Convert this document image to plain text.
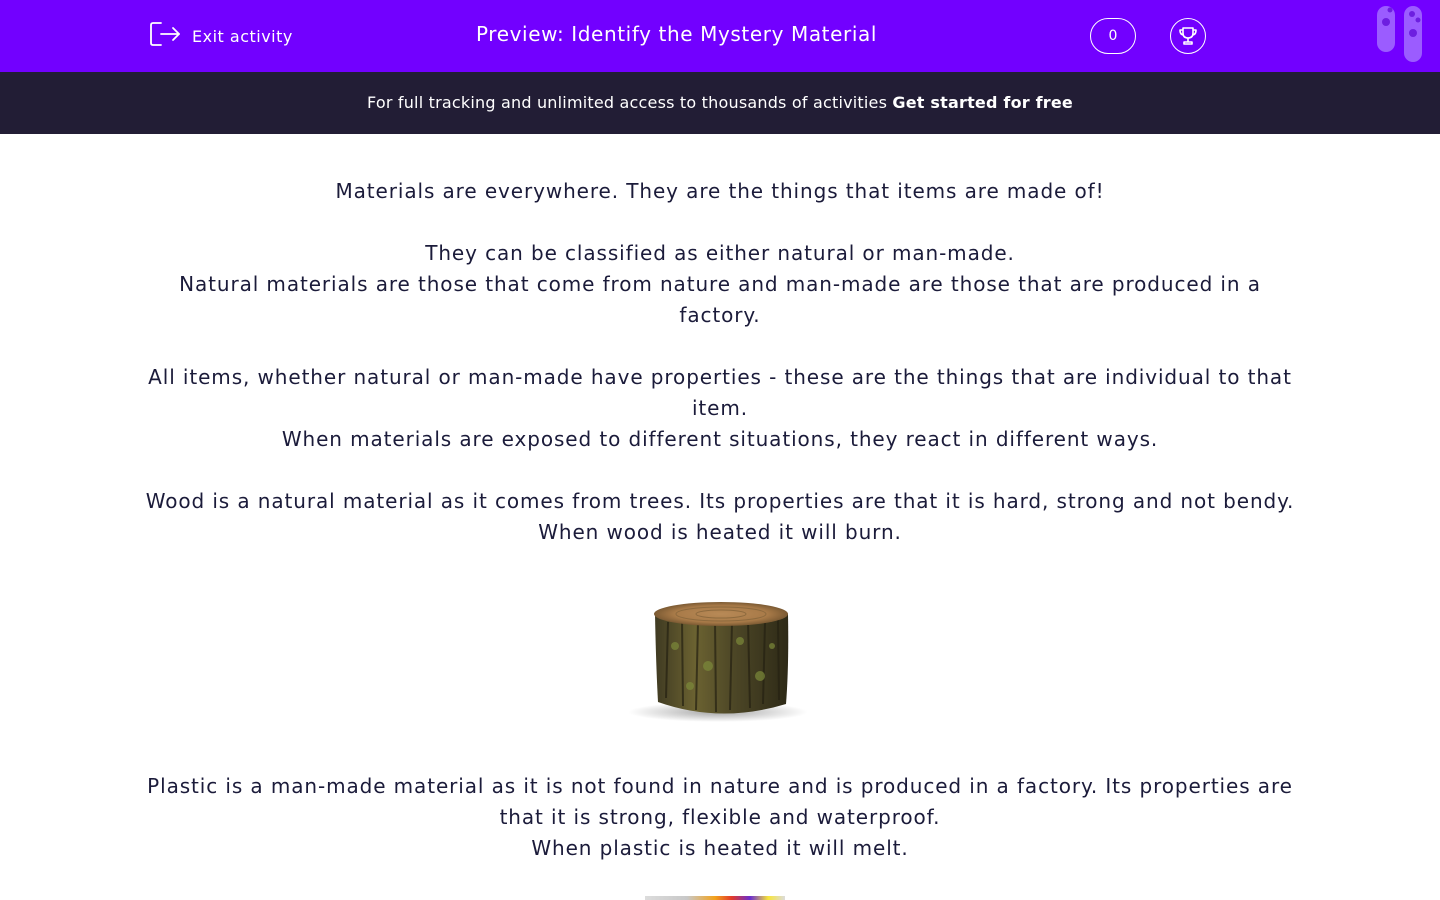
Exit activity	Preview: Identify the Mystery Material	0
For full tracking and unlimited access to thousands of activities Get started for free

Materials are everywhere. They are the things that items are made of!

They can be classified as either natural or man-made.

Natural materials are those that come from nature and man-made are those that are produced in a factory.

All items, whether natural or man-made have properties - these are the things that are individual to that item.

When materials are exposed to different situations, they react in different ways.

Wood is a natural material as it comes from trees. Its properties are that it is hard, strong and not bendy.

When wood is heated it will burn.

Plastic is a man-made material as it is not found in nature and is produced in a factory. Its properties are that it is strong, flexible and waterproof.

When plastic is heated it will melt.
